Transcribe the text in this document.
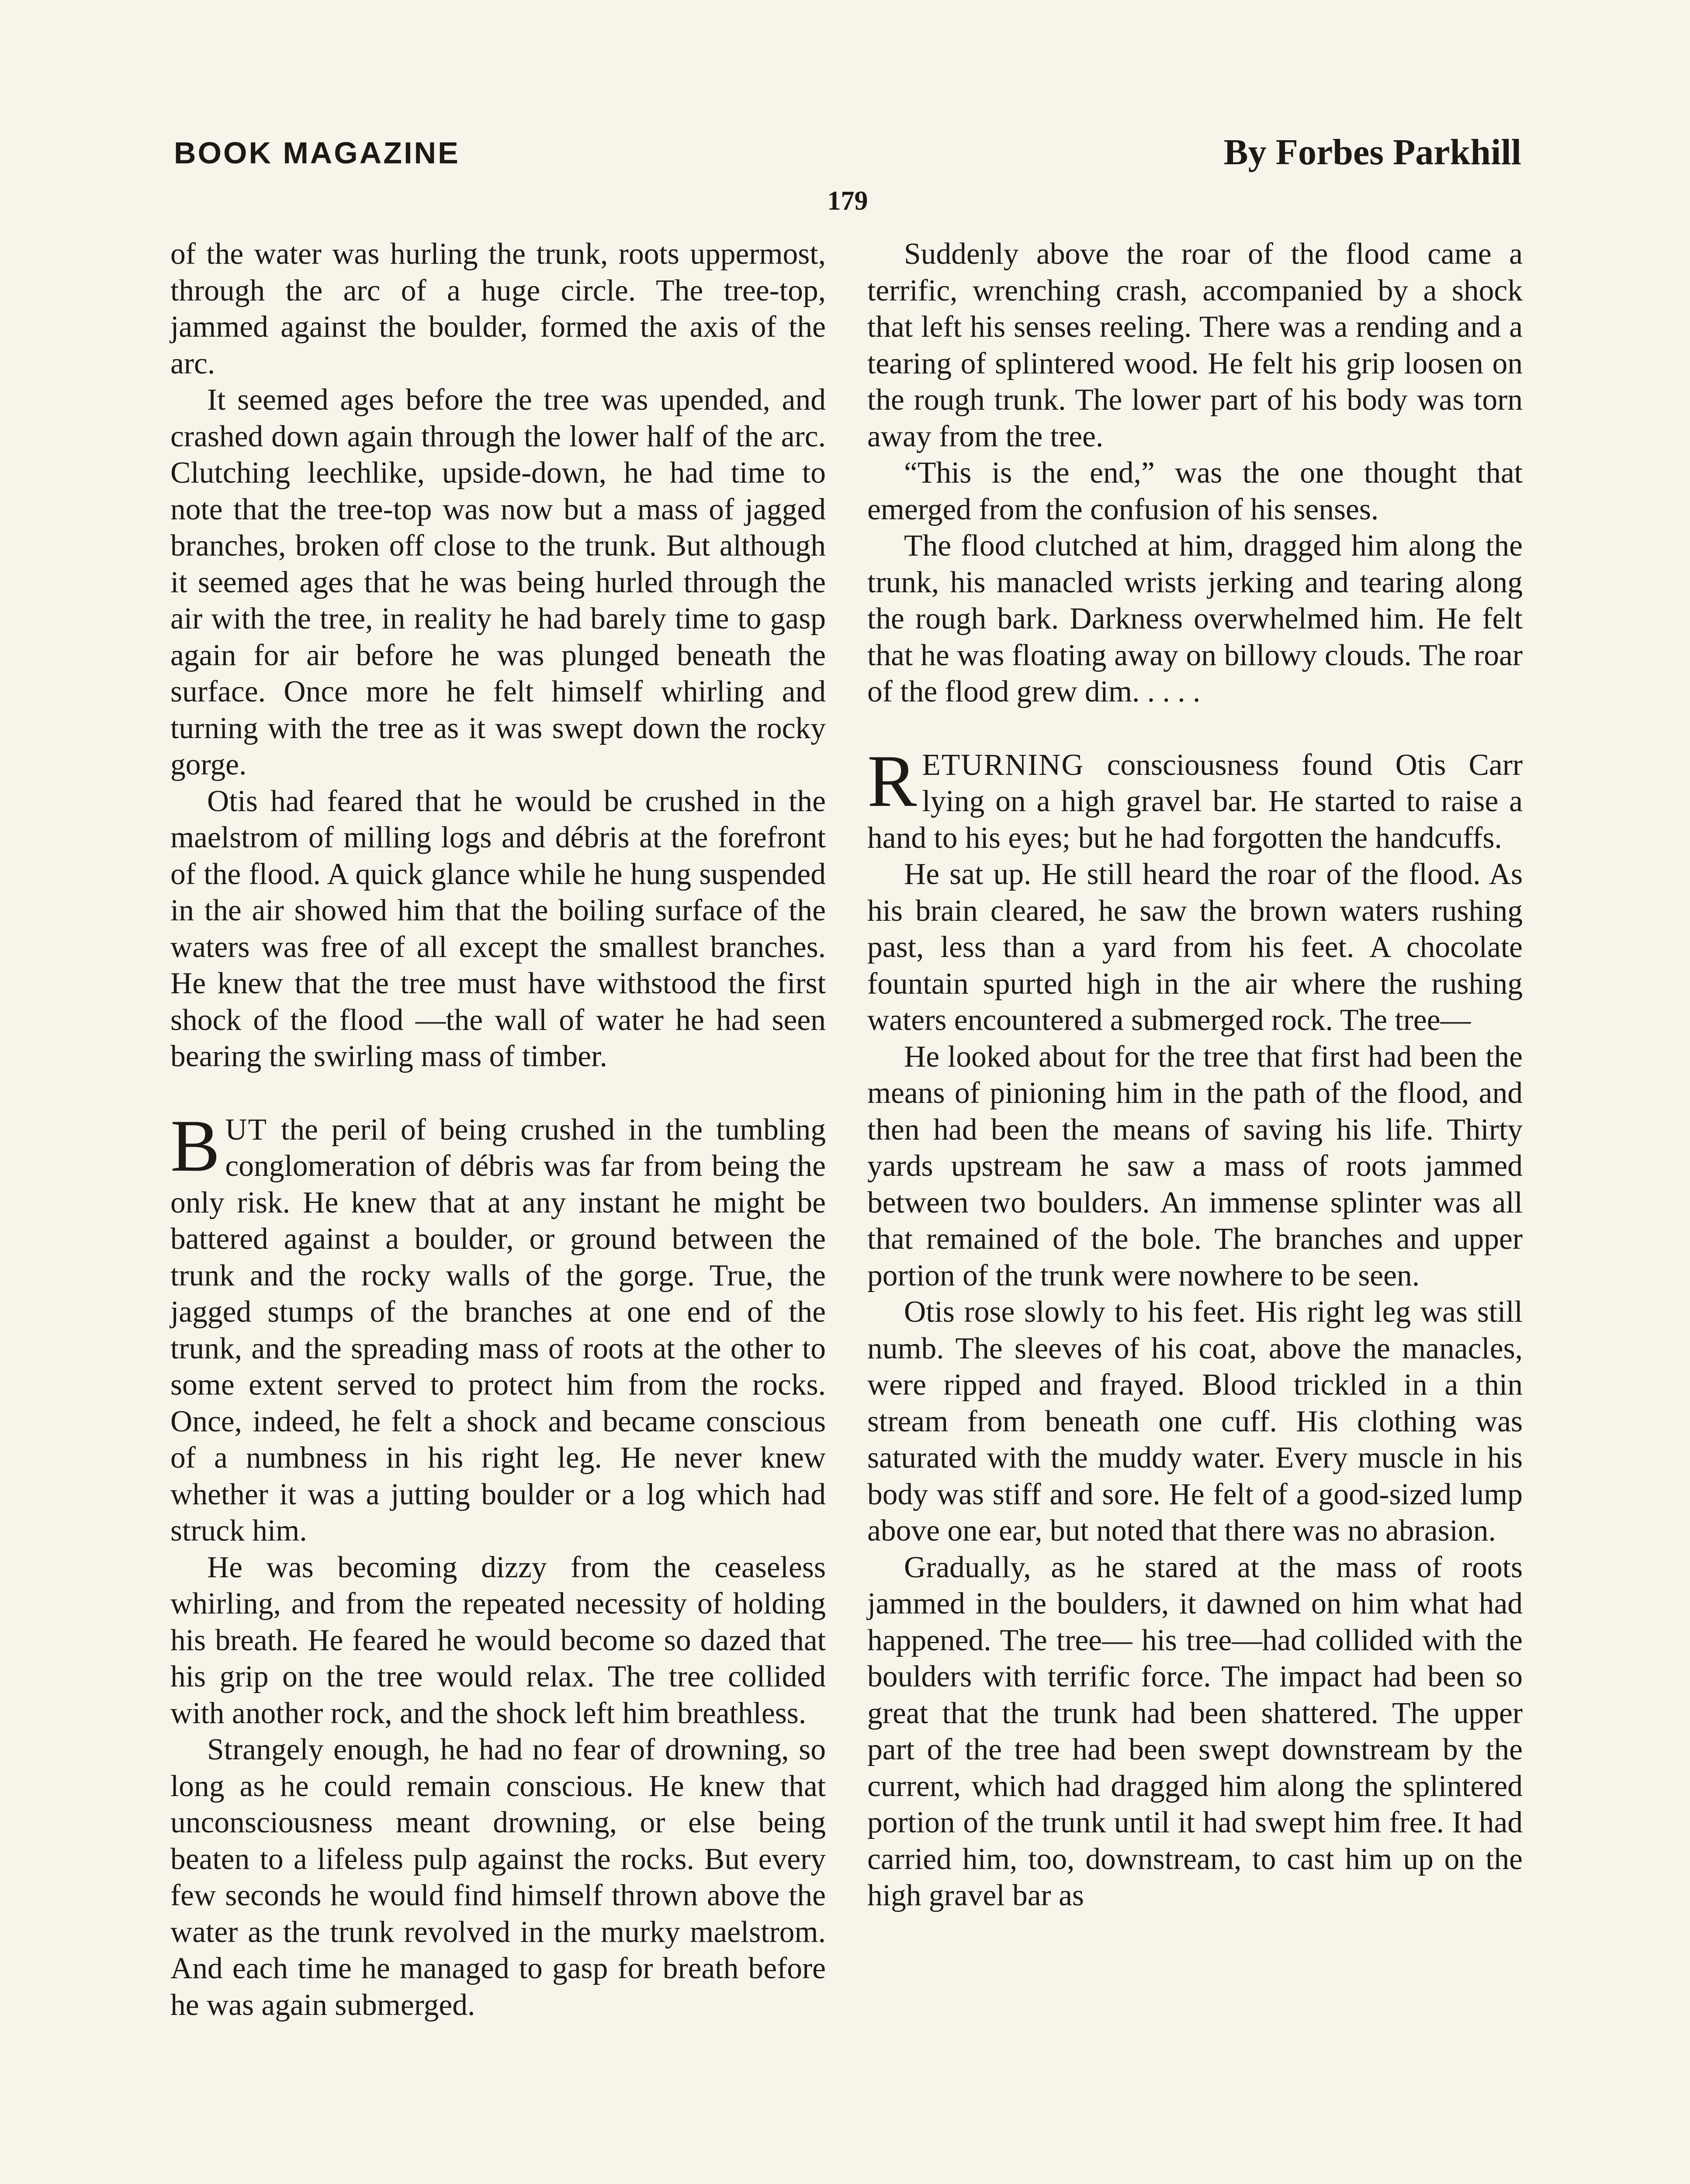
BOOK MAGAZINE	By Forbes Parkhill
179

of the water was hurling the trunk, roots uppermost, through the arc of a huge circle. The tree-top, jammed against the boulder, formed the axis of the arc.

It seemed ages before the tree was upended, and crashed down again through the lower half of the arc. Clutching leechlike, upside-down, he had time to note that the tree-top was now but a mass of jagged branches, broken off close to the trunk. But although it seemed ages that he was being hurled through the air with the tree, in reality he had barely time to gasp again for air before he was plunged beneath the surface. Once more he felt himself whirling and turning with the tree as it was swept down the rocky gorge.

Otis had feared that he would be crushed in the maelstrom of milling logs and débris at the forefront of the flood. A quick glance while he hung suspended in the air showed him that the boiling surface of the waters was free of all except the smallest branches. He knew that the tree must have withstood the first shock of the flood —the wall of water he had seen bearing the swirling mass of timber.

BUT the peril of being crushed in the tumbling conglomeration of débris was far from being the only risk. He knew that at any instant he might be battered against a boulder, or ground between the trunk and the rocky walls of the gorge. True, the jagged stumps of the branches at one end of the trunk, and the spreading mass of roots at the other to some extent served to protect him from the rocks. Once, indeed, he felt a shock and became conscious of a numbness in his right leg. He never knew whether it was a jutting boulder or a log which had struck him.

He was becoming dizzy from the ceaseless whirling, and from the repeated necessity of holding his breath. He feared he would become so dazed that his grip on the tree would relax. The tree collided with another rock, and the shock left him breathless.

Strangely enough, he had no fear of drowning, so long as he could remain conscious. He knew that unconsciousness meant drowning, or else being beaten to a lifeless pulp against the rocks. But every few seconds he would find himself thrown above the water as the trunk revolved in the murky maelstrom. And each time he managed to gasp for breath before he was again submerged.

Suddenly above the roar of the flood came a terrific, wrenching crash, accompanied by a shock that left his senses reeling. There was a rending and a tearing of splintered wood. He felt his grip loosen on the rough trunk. The lower part of his body was torn away from the tree.

“This is the end,” was the one thought that emerged from the confusion of his senses.

The flood clutched at him, dragged him along the trunk, his manacled wrists jerking and tearing along the rough bark. Darkness overwhelmed him. He felt that he was floating away on billowy clouds. The roar of the flood grew dim. . . . .

RETURNING consciousness found Otis Carr lying on a high gravel bar. He started to raise a hand to his eyes; but he had forgotten the handcuffs.

He sat up. He still heard the roar of the flood. As his brain cleared, he saw the brown waters rushing past, less than a yard from his feet. A chocolate fountain spurted high in the air where the rushing waters encountered a submerged rock. The tree—

He looked about for the tree that first had been the means of pinioning him in the path of the flood, and then had been the means of saving his life. Thirty yards upstream he saw a mass of roots jammed between two boulders. An immense splinter was all that remained of the bole. The branches and upper portion of the trunk were nowhere to be seen.

Otis rose slowly to his feet. His right leg was still numb. The sleeves of his coat, above the manacles, were ripped and frayed. Blood trickled in a thin stream from beneath one cuff. His clothing was saturated with the muddy water. Every muscle in his body was stiff and sore. He felt of a good-sized lump above one ear, but noted that there was no abrasion.

Gradually, as he stared at the mass of roots jammed in the boulders, it dawned on him what had happened. The tree— his tree—had collided with the boulders with terrific force. The impact had been so great that the trunk had been shattered. The upper part of the tree had been swept downstream by the current, which had dragged him along the splintered portion of the trunk until it had swept him free. It had carried him, too, downstream, to cast him up on the high gravel bar as
